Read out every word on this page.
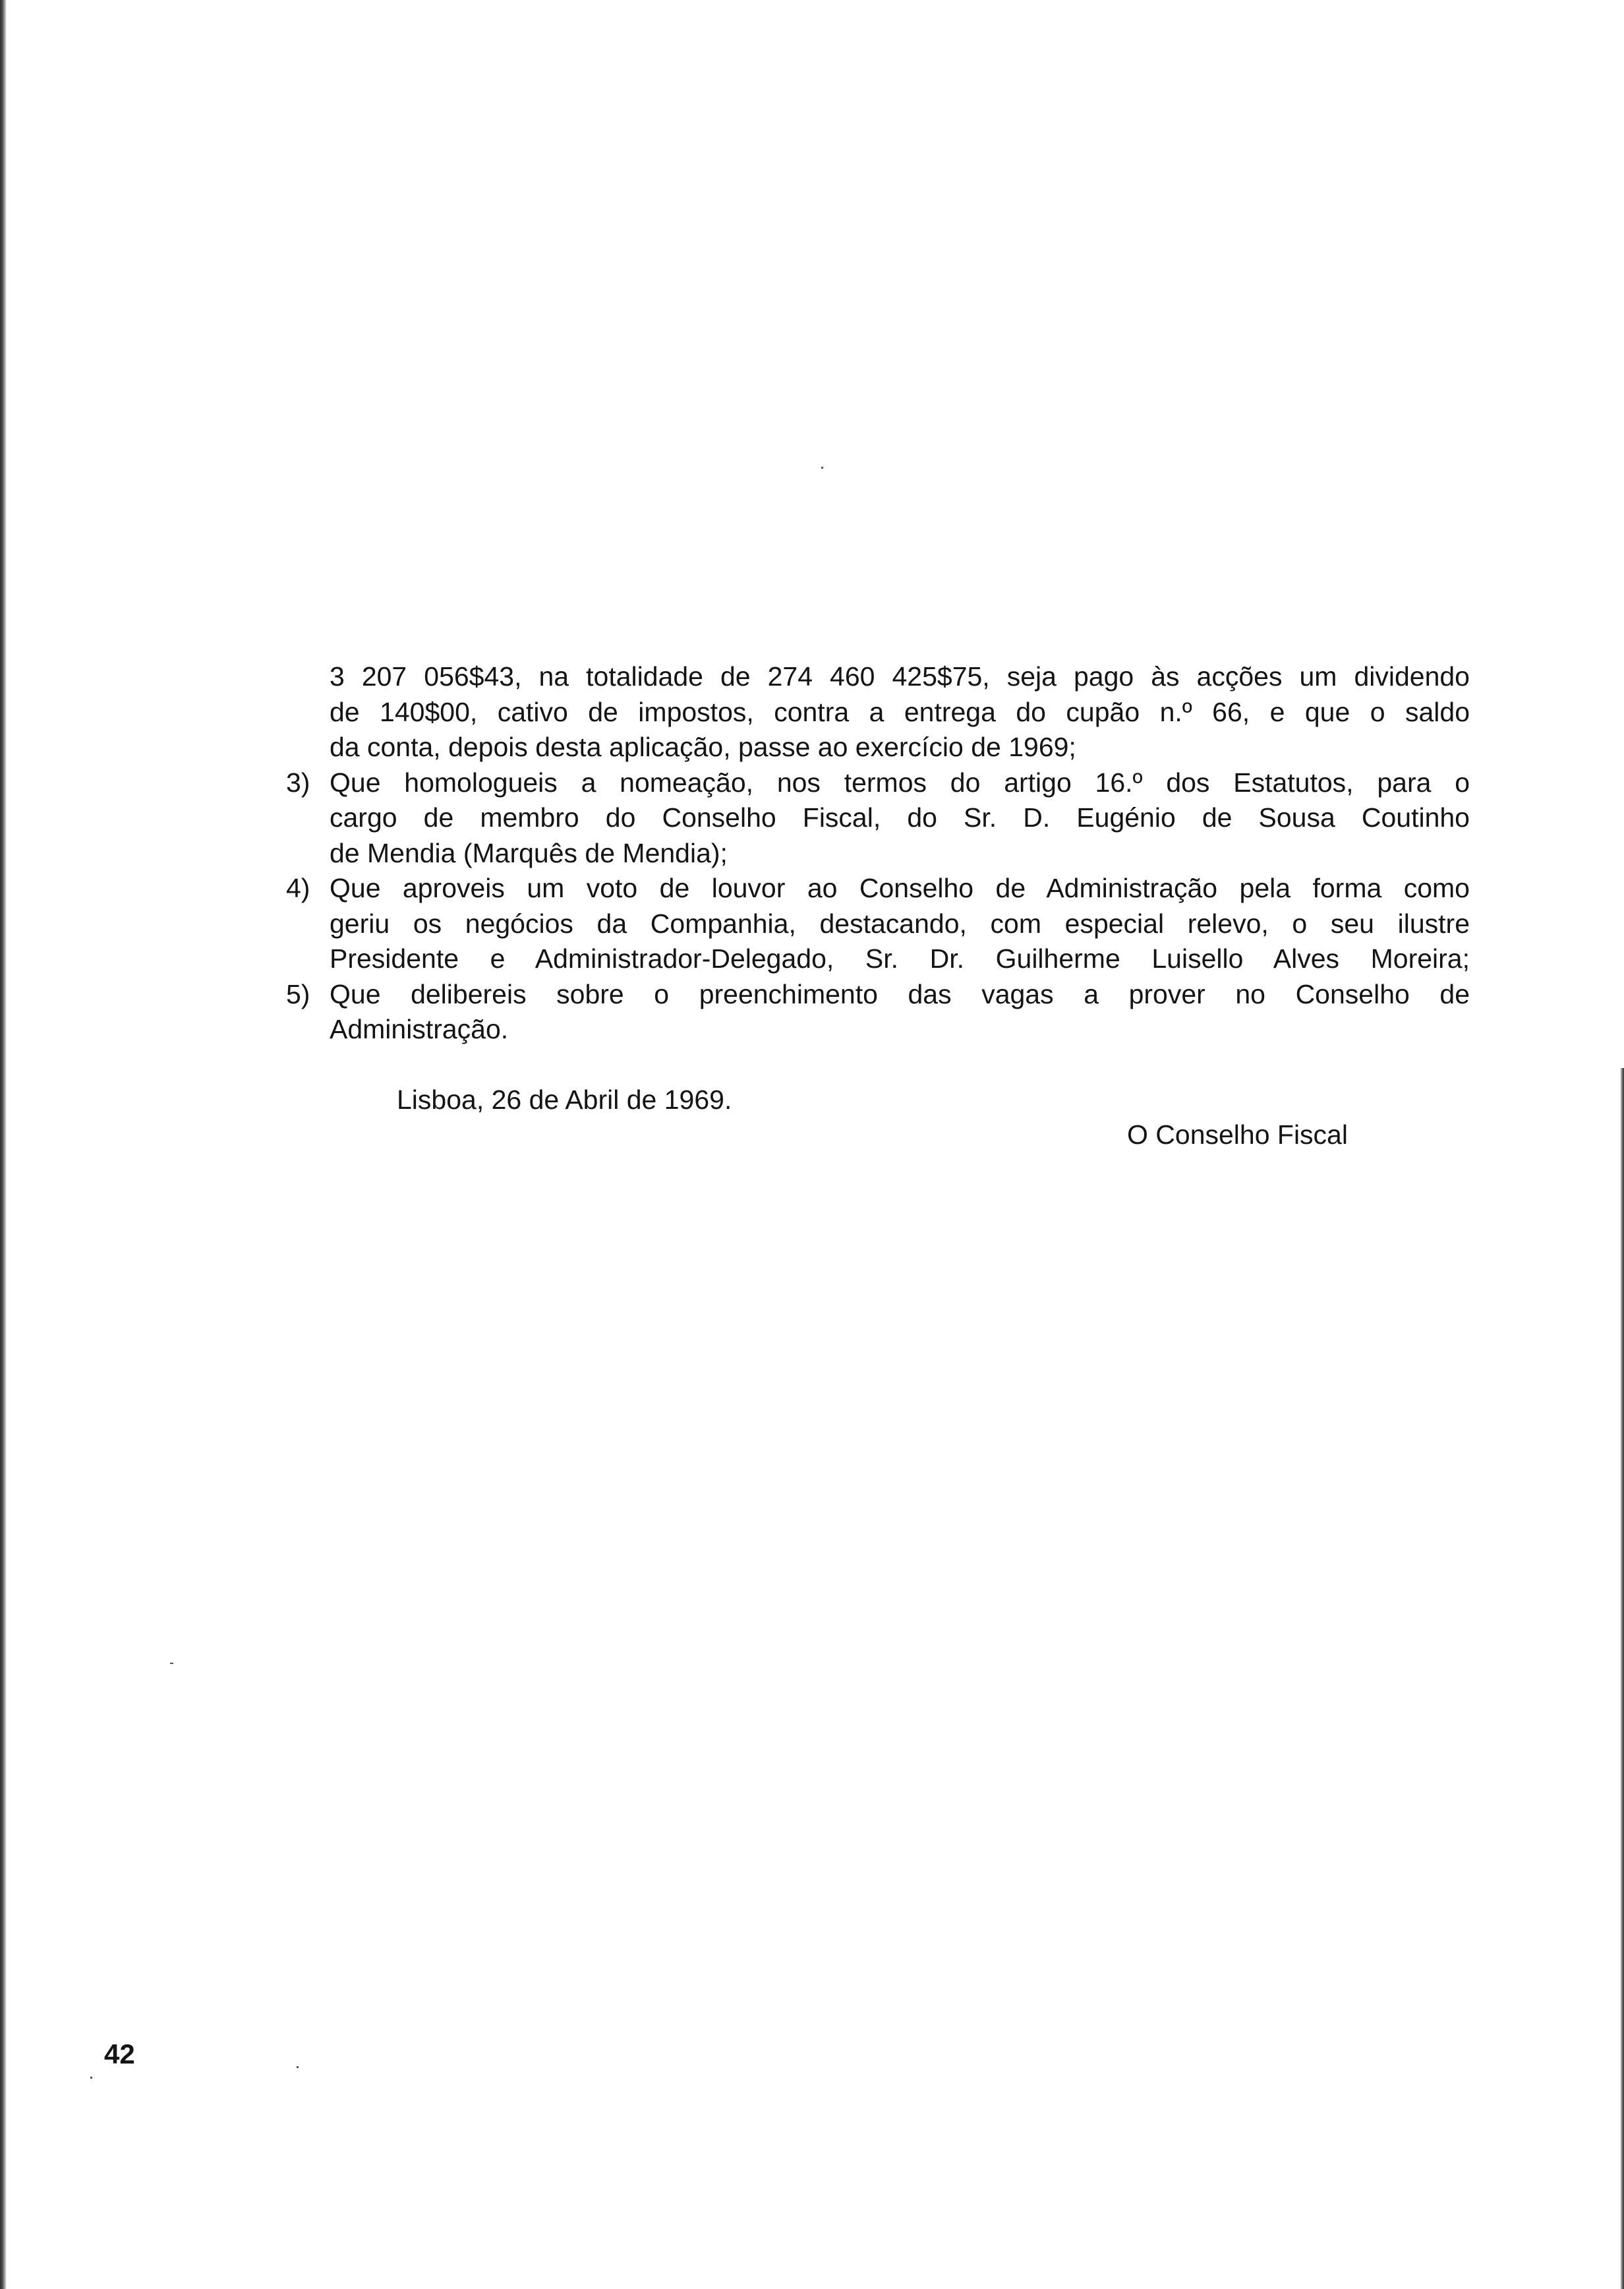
3 207 056$43, na totalidade de 274 460 425$75, seja pago às acções um dividendo
de 140$00, cativo de impostos, contra a entrega do cupão n.º 66, e que o saldo
da conta, depois desta aplicação, passe ao exercício de 1969;
3) Que homologueis a nomeação, nos termos do artigo 16.º dos Estatutos, para o
cargo de membro do Conselho Fiscal, do Sr. D. Eugénio de Sousa Coutinho
de Mendia (Marquês de Mendia);
4) Que aproveis um voto de louvor ao Conselho de Administração pela forma como
geriu os negócios da Companhia, destacando, com especial relevo, o seu ilustre
Presidente e Administrador-Delegado, Sr. Dr. Guilherme Luisello Alves Moreira;
5) Que delibereis sobre o preenchimento das vagas a prover no Conselho de
Administração.
Lisboa, 26 de Abril de 1969.
O Conselho Fiscal
42
